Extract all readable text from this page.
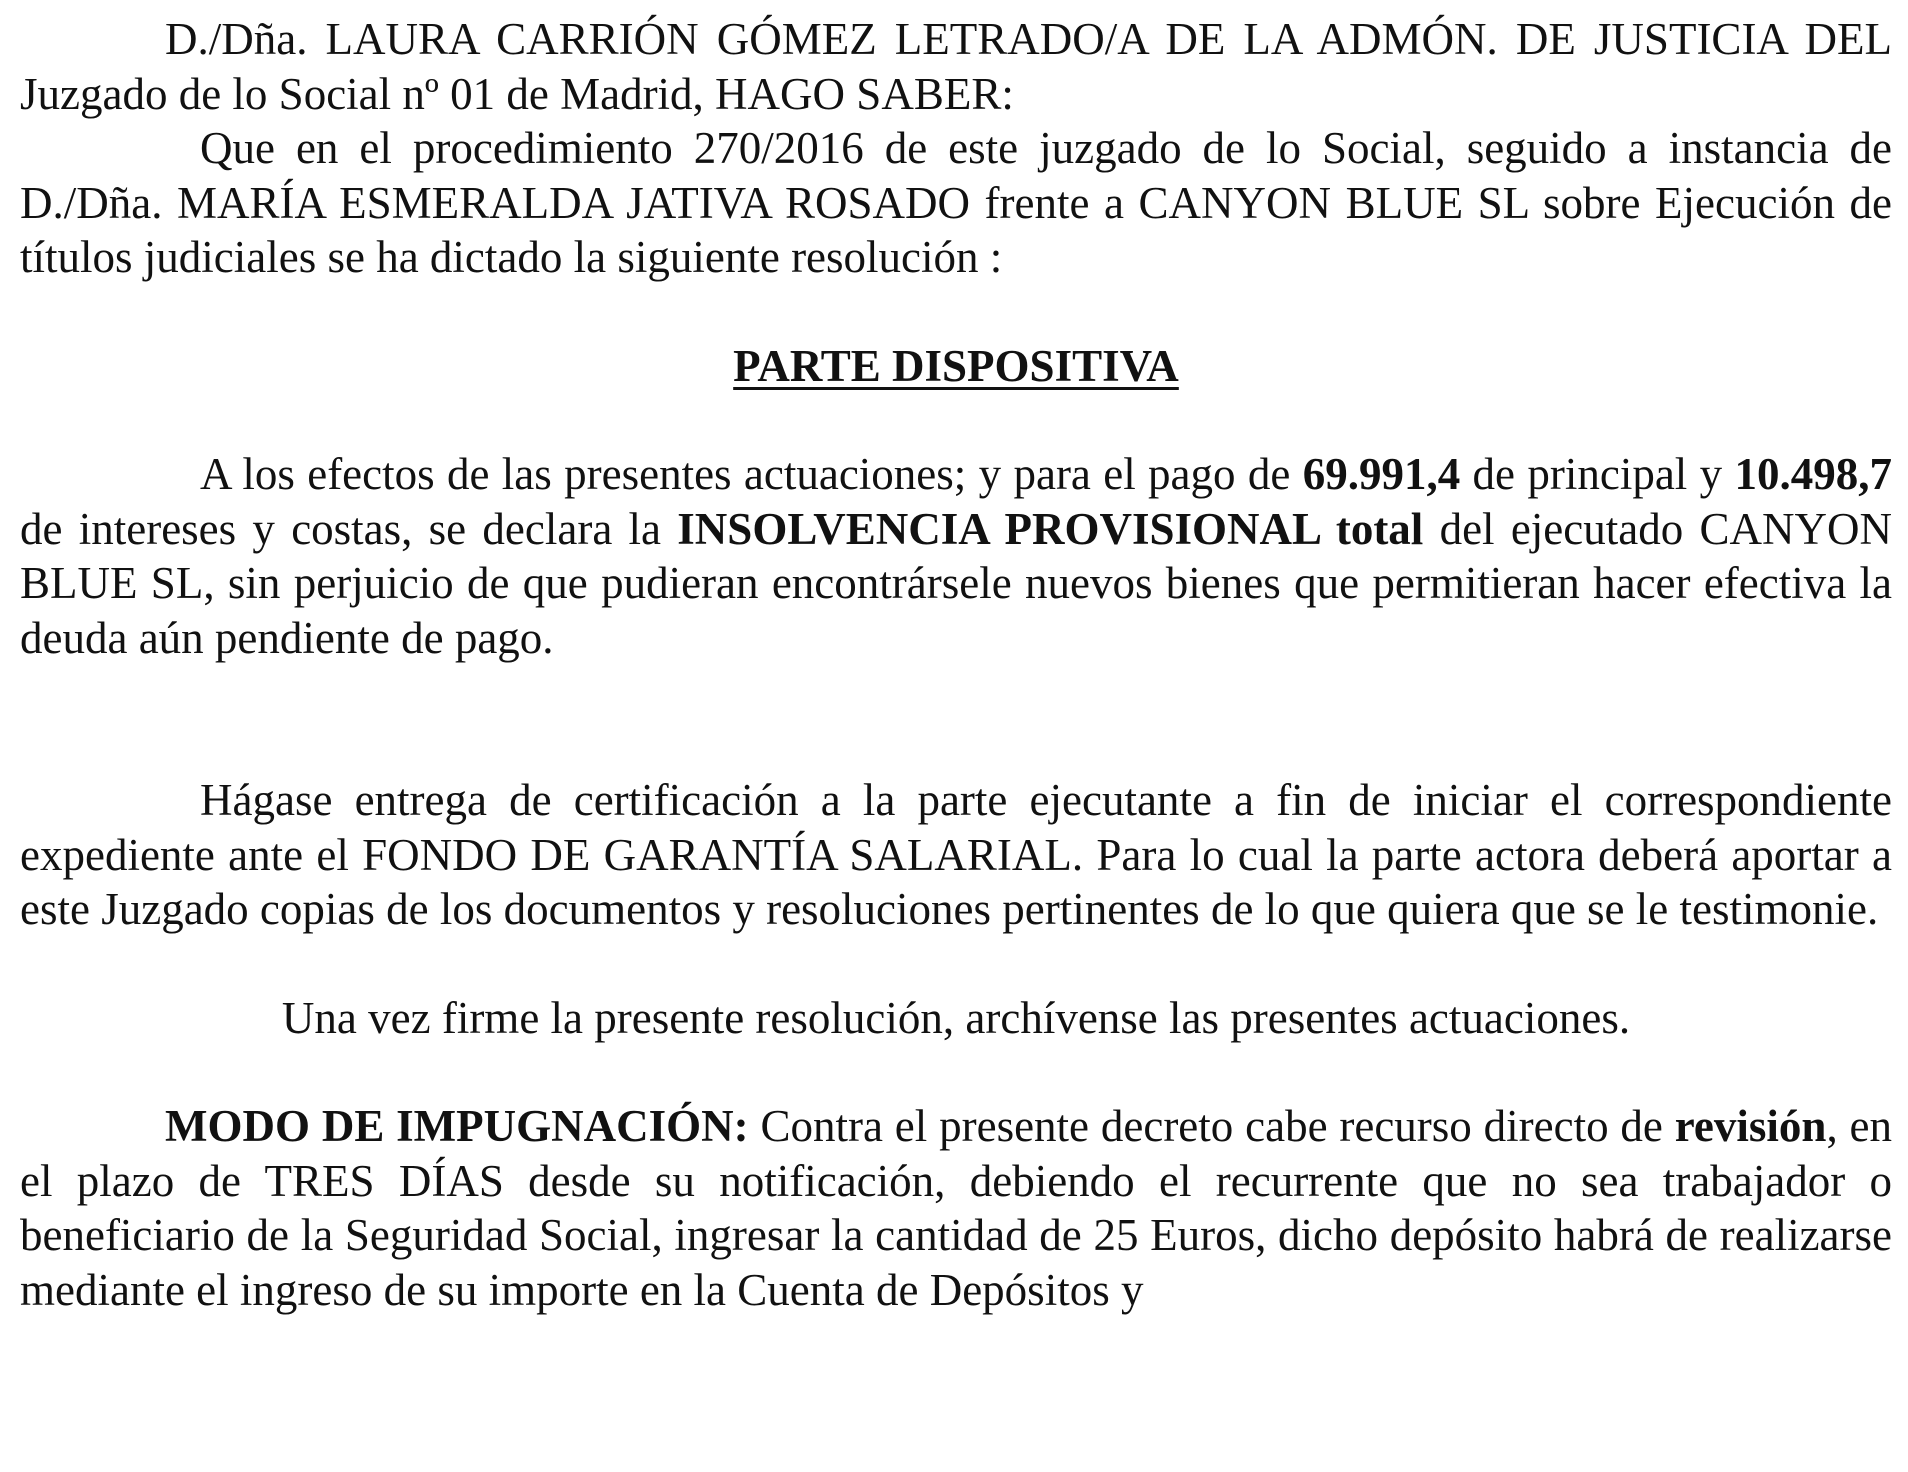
D./Dña. LAURA CARRIÓN GÓMEZ LETRADO/A DE LA ADMÓN. DE JUSTICIA DEL Juzgado de lo Social nº 01 de Madrid, HAGO SABER:

Que en el procedimiento 270/2016 de este juzgado de lo Social, seguido a instancia de D./Dña. MARÍA ESMERALDA JATIVA ROSADO frente a CANYON BLUE SL sobre Ejecución de títulos judiciales se ha dictado la siguiente resolución :

PARTE DISPOSITIVA

A los efectos de las presentes actuaciones; y para el pago de 69.991,4 de principal y 10.498,7 de intereses y costas, se declara la INSOLVENCIA PROVISIONAL total del ejecutado CANYON BLUE SL, sin perjuicio de que pudieran encontrársele nuevos bienes que permitieran hacer efectiva la deuda aún pendiente de pago.

Hágase entrega de certificación a la parte ejecutante a fin de iniciar el correspondiente expediente ante el FONDO DE GARANTÍA SALARIAL. Para lo cual la parte actora deberá aportar a este Juzgado copias de los documentos y resoluciones pertinentes de lo que quiera que se le testimonie.

Una vez firme la presente resolución, archívense las presentes actuaciones.

MODO DE IMPUGNACIÓN: Contra el presente decreto cabe recurso directo de revisión, en el plazo de TRES DÍAS desde su notificación, debiendo el recurrente que no sea trabajador o beneficiario de la Seguridad Social, ingresar la cantidad de 25 Euros, dicho depósito habrá de realizarse mediante el ingreso de su importe en la Cuenta de Depósitos y
